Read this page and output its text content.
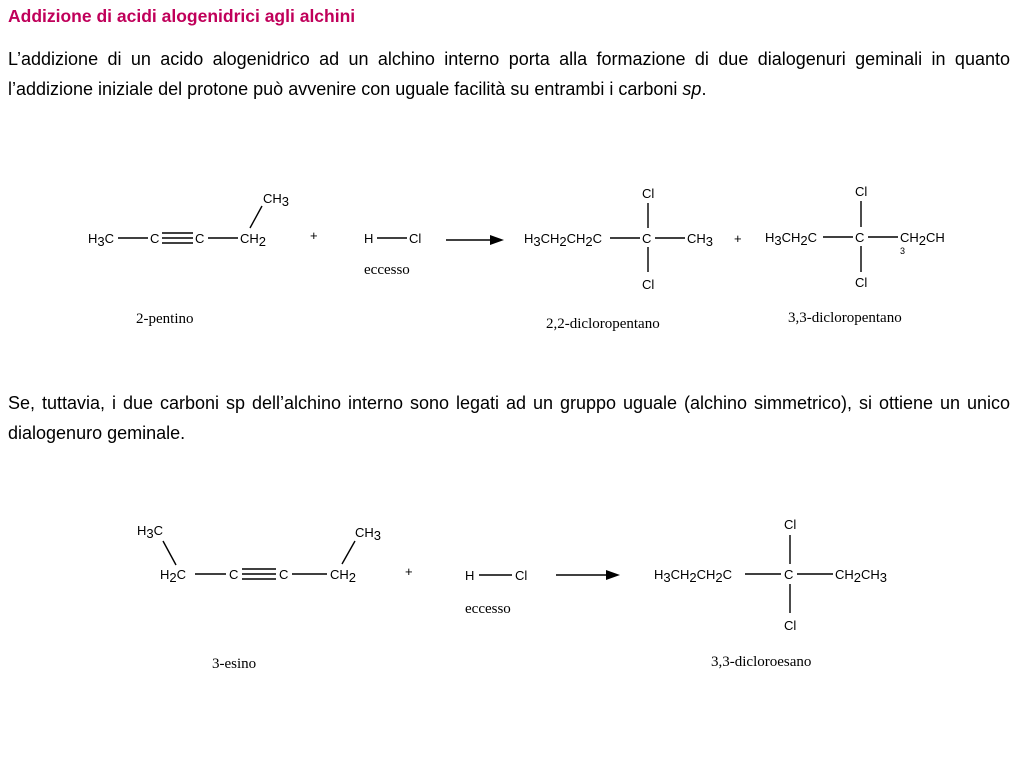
Addizione di acidi alogenidrici agli alchini

L’addizione di un acido alogenidrico ad un alchino interno porta alla formazione di due dialogenuri geminali in quanto l’addizione iniziale del protone può avvenire con uguale facilità su entrambi i carboni sp.

H3C	C	C	CH2
CH3
+	H	Cl
eccesso
H3CH2CH2C	C	CH3
Cl
Cl
+ H3CH2C	C	CH2CH
3
Cl
Cl
2-pentino	2,2-dicloropentano	3,3-dicloropentano

Se, tuttavia, i due carboni sp dell’alchino interno sono legati ad un gruppo uguale (alchino simmetrico), si ottiene un unico dialogenuro geminale.

H3C
H2C	C	C	CH2
CH3
+	H	Cl
eccesso
H3CH2CH2C	C	CH2CH3
Cl
Cl
3-esino	3,3-dicloroesano
